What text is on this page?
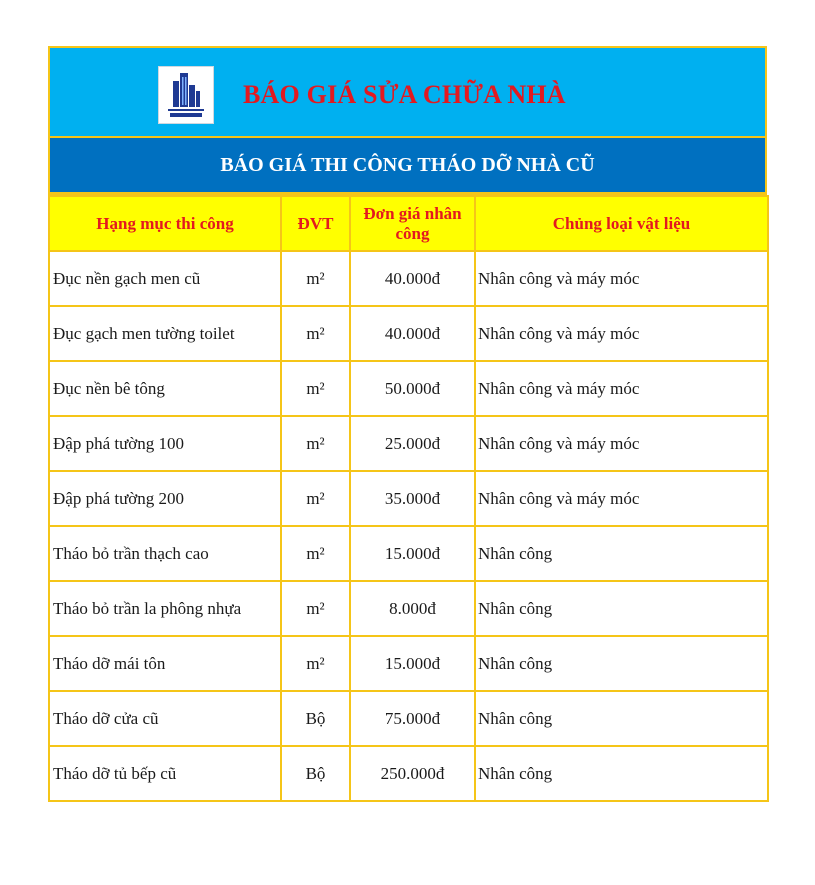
BÁO GIÁ SỬA CHỮA NHÀ
BÁO GIÁ THI CÔNG THÁO DỠ NHÀ CŨ
Hạng mục thi công	ĐVT	Đơn giá nhân công	Chủng loại vật liệu
Đục nền gạch men cũ	m²	40.000đ	Nhân công và máy móc
Đục gạch men tường toilet	m²	40.000đ	Nhân công và máy móc
Đục nền bê tông	m²	50.000đ	Nhân công và máy móc
Đập phá tường 100	m²	25.000đ	Nhân công và máy móc
Đập phá tường 200	m²	35.000đ	Nhân công và máy móc
Tháo bỏ trần thạch cao	m²	15.000đ	Nhân công
Tháo bỏ trần la phông nhựa	m²	8.000đ	Nhân công
Tháo dỡ mái tôn	m²	15.000đ	Nhân công
Tháo dỡ cửa cũ	Bộ	75.000đ	Nhân công
Tháo dỡ tủ bếp cũ	Bộ	250.000đ	Nhân công
